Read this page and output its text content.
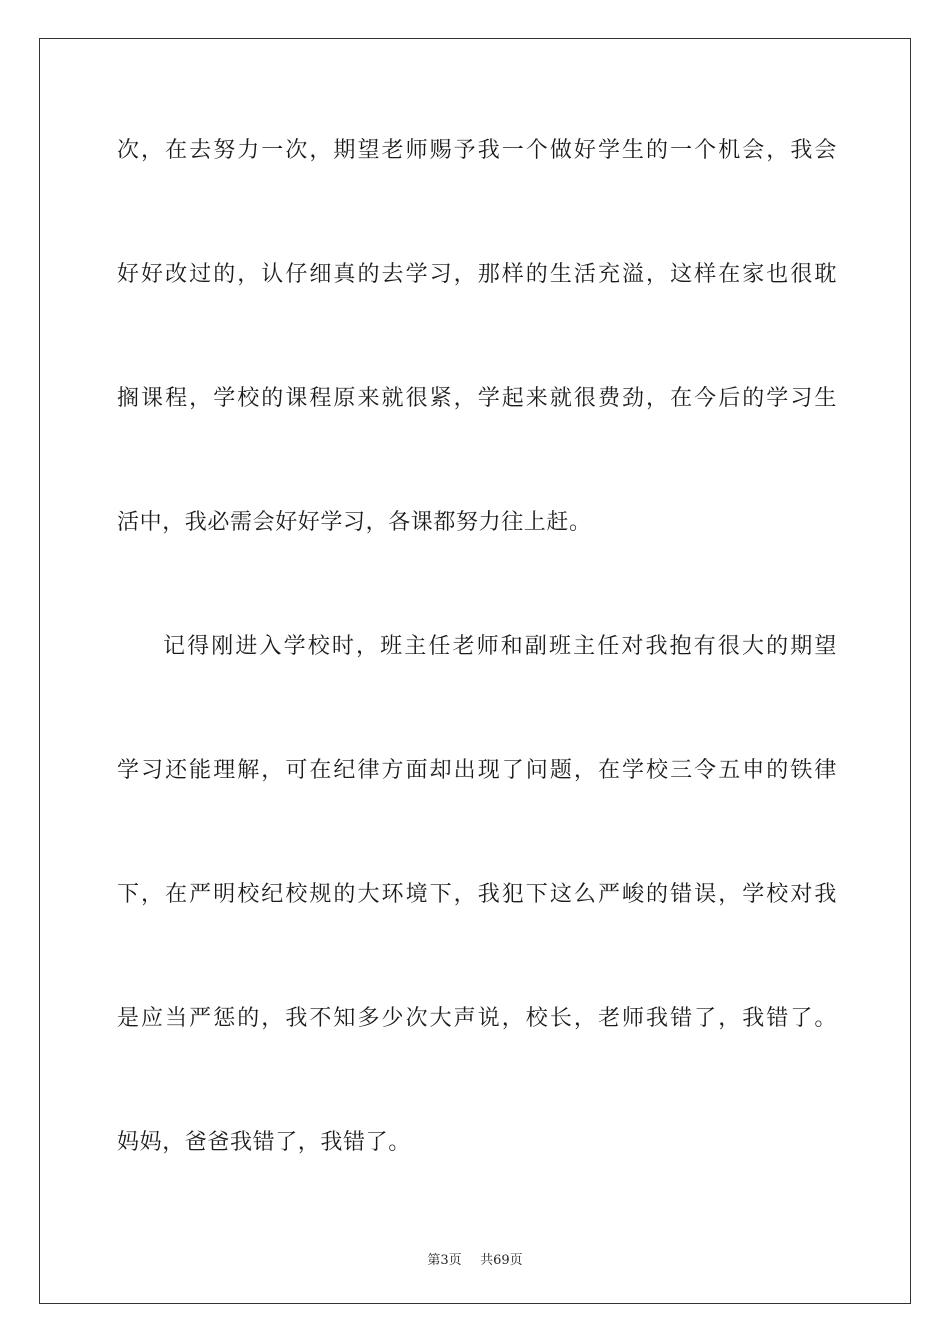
次，在去努力一次，期望老师赐予我一个做好学生的一个机会，我会
好好改过的，认仔细真的去学习，那样的生活充溢，这样在家也很耽
搁课程，学校的课程原来就很紧，学起来就很费劲，在今后的学习生
活中，我必需会好好学习，各课都努力往上赶。
记得刚进入学校时，班主任老师和副班主任对我抱有很大的期望
学习还能理解，可在纪律方面却出现了问题，在学校三令五申的铁律
下，在严明校纪校规的大环境下，我犯下这么严峻的错误，学校对我
是应当严惩的，我不知多少次大声说，校长，老师我错了，我错了。
妈妈，爸爸我错了，我错了。
第3页 共69页
